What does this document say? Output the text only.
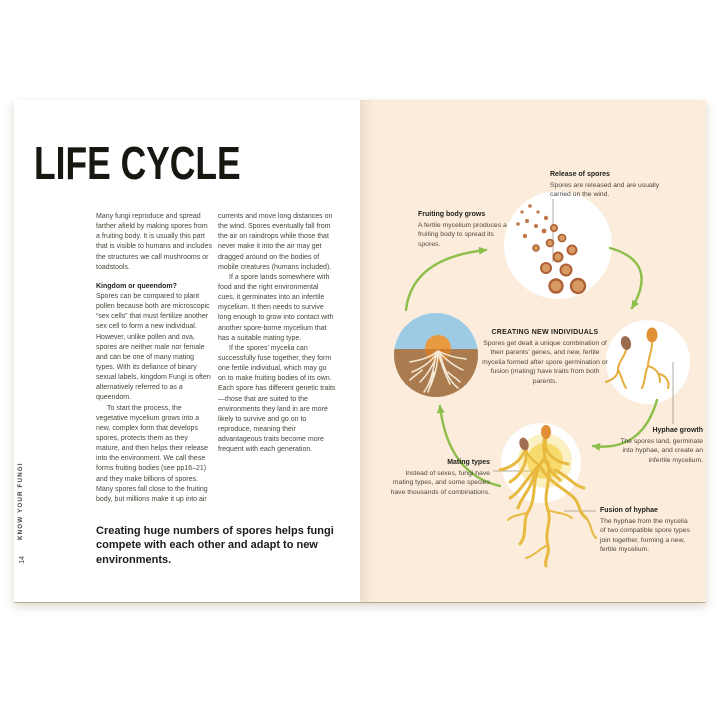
KNOW YOUR FUNGI
14
LIFE CYCLE

Many fungi reproduce and spread farther afield by making spores from a fruiting body. It is usually this part that is visible to humans and includes the structures we call mushrooms or toadstools.

Kingdom or queendom?

Spores can be compared to plant pollen because both are microscopic “sex cells” that must fertilize another sex cell to form a new individual. However, unlike pollen and ova, spores are neither male nor female and can be one of many mating types. With its defiance of binary sexual labels, kingdom Fungi is often alternatively referred to as a queendom.

To start the process, the vegetative mycelium grows into a new, complex form that develops spores, protects them as they mature, and then helps their release into the environment. We call these forms fruiting bodies (see pp16–21) and they make billions of spores. Many spores fall close to the fruiting body, but millions make it up into air

currents and move long distances on the wind. Spores eventually fall from the air on raindrops while those that never make it into the air may get dragged around on the bodies of mobile creatures (humans included).

If a spore lands somewhere with food and the right environmental cues, it germinates into an infertile mycelium. It then needs to survive long enough to grow into contact with another spore-borne mycelium that has a suitable mating type.

If the spores’ mycelia can successfully fuse together, they form one fertile individual, which may go on to make fruiting bodies of its own. Each spore has different genetic traits—those that are suited to the environments they land in are more likely to survive and go on to reproduce, meaning their advantageous traits become more frequent with each generation.

Creating huge numbers of spores helps fungi compete with each other and adapt to new environments.
Fruiting body grows
A fertile mycelium produces a fruiting body to spread its spores.
Release of spores
Spores are released and are usually carried on the wind.
CREATING NEW INDIVIDUALS
Spores get dealt a unique combination of their parents’ genes, and new, fertile mycelia formed after spore germination or fusion (mating) have traits from both parents.
Hyphae growth
The spores land, germinate into hyphae, and create an infertile mycelium.
Mating types
Instead of sexes, fungi have mating types, and some species have thousands of combinations.
Fusion of hyphae
The hyphae from the mycelia of two compatible spore types join together, forming a new, fertile mycelium.
